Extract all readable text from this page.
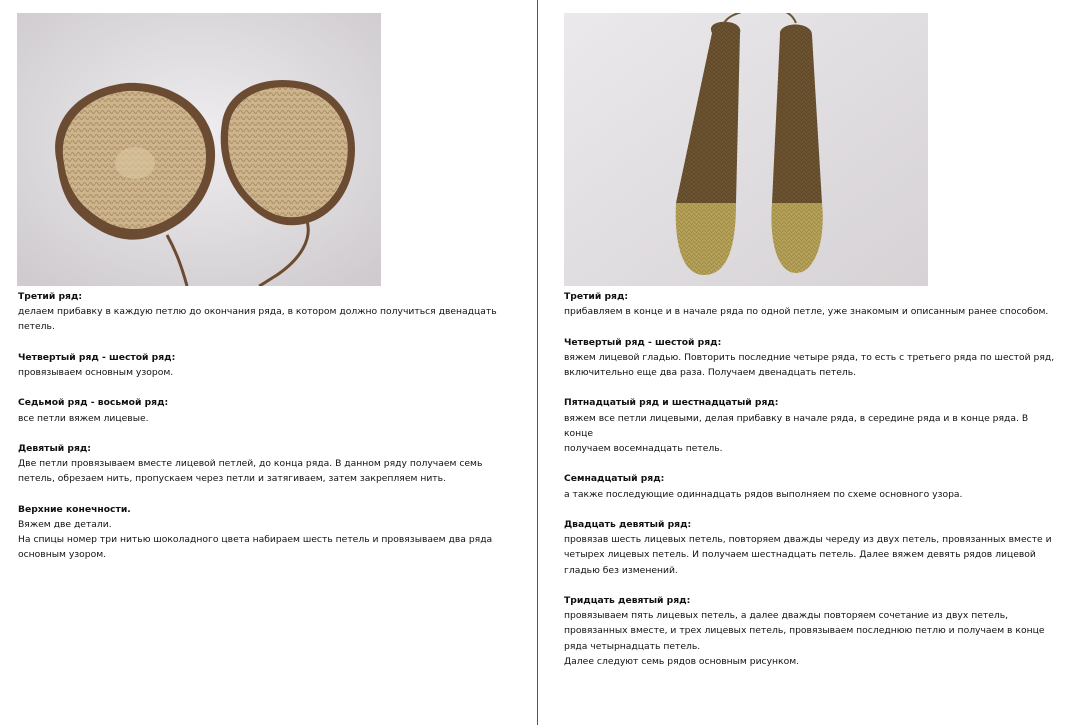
Третий ряд:
делаем прибавку в каждую петлю до окончания ряда, в котором должно получиться двенадцать
петель.
Четвертый ряд - шестой ряд:
провязываем основным узором.
Седьмой ряд - восьмой ряд:
все петли вяжем лицевые.
Девятый ряд:
Две петли провязываем вместе лицевой петлей, до конца ряда. В данном ряду получаем семь
петель, обрезаем нить, пропускаем через петли и затягиваем, затем закрепляем нить.
Верхние конечности.
Вяжем две детали.
На спицы номер три нитью шоколадного цвета набираем шесть петель и провязываем два ряда
основным узором.
Третий ряд:
прибавляем в конце и в начале ряда по одной петле, уже знакомым и описанным ранее способом.
Четвертый ряд - шестой ряд:
вяжем лицевой гладью. Повторить последние четыре ряда, то есть с третьего ряда по шестой ряд,
включительно еще два раза. Получаем двенадцать петель.
Пятнадцатый ряд и шестнадцатый ряд:
вяжем все петли лицевыми, делая прибавку в начале ряда, в середине ряда и в конце ряда. В конце
получаем восемнадцать петель.
Семнадцатый ряд:
а также последующие одиннадцать рядов выполняем по схеме основного узора.
Двадцать девятый ряд:
провязав шесть лицевых петель, повторяем дважды череду из двух петель, провязанных вместе и
четырех лицевых петель. И получаем шестнадцать петель. Далее вяжем девять рядов лицевой
гладью без изменений.
Тридцать девятый ряд:
провязываем пять лицевых петель, а далее дважды повторяем сочетание из двух петель,
провязанных вместе, и трех лицевых петель, провязываем последнюю петлю и получаем в конце
ряда четырнадцать петель.
Далее следуют семь рядов основным рисунком.
